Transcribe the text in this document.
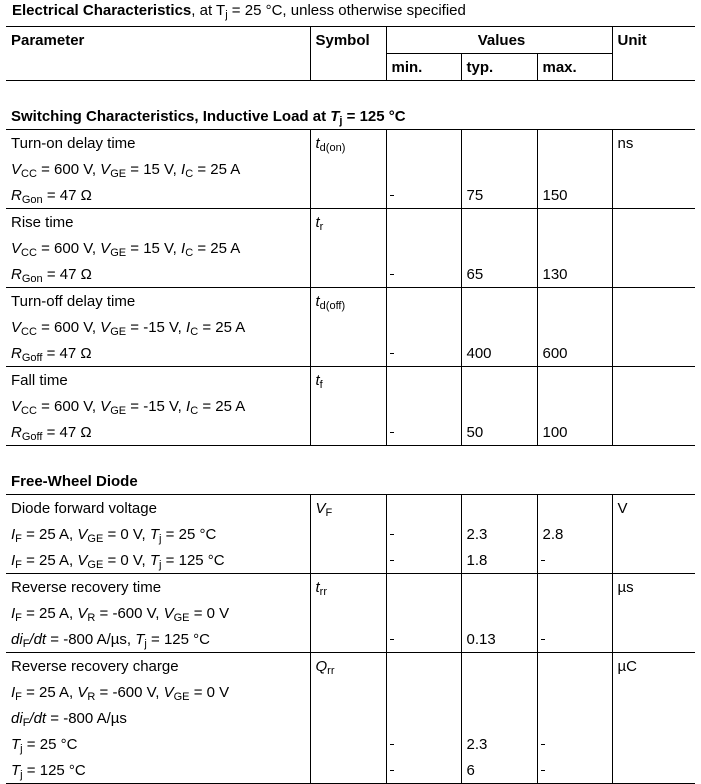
Electrical Characteristics, at $T_j = 25$ °C, unless otherwise specified
Parameter	Symbol	Values			Unit
		min.	typ.	max.	

Switching Characteristics, Inductive Load at $T_j = 125$ °C					
Turn-on delay time	$t_{d(on)}$				ns
$V_{CC} = 600$ V, $V_{GE} = 15$ V, $I_C = 25$ A					
$R_{Gon} = 47$ Ω			75	150	
Rise time	$t_r$				
$V_{CC} = 600$ V, $V_{GE} = 15$ V, $I_C = 25$ A					
$R_{Gon} = 47$ Ω			65	130	
Turn-off delay time	$t_{d(off)}$				
$V_{CC} = 600$ V, $V_{GE} = -15$ V, $I_C = 25$ A					
$R_{Goff} = 47$ Ω			400	600	
Fall time	$t_f$				
$V_{CC} = 600$ V, $V_{GE} = -15$ V, $I_C = 25$ A					
$R_{Goff} = 47$ Ω			50	100	

Free-Wheel Diode					
Diode forward voltage	$V_F$				V
$I_F = 25$ A, $V_{GE} = 0$ V, $T_j = 25$ °C			2.3	2.8	
$I_F = 25$ A, $V_{GE} = 0$ V, $T_j = 125$ °C			1.8		
Reverse recovery time	$t_{rr}$				µs
$I_F = 25$ A, $V_R = -600$ V, $V_{GE} = 0$ V					
$di_F/dt = -800$ A/µs, $T_j = 125$ °C			0.13		
Reverse recovery charge	$Q_{rr}$				µC
$I_F = 25$ A, $V_R = -600$ V, $V_{GE} = 0$ V					
$di_F/dt = -800$ A/µs					
$T_j = 25$ °C			2.3		
$T_j = 125$ °C			6		
